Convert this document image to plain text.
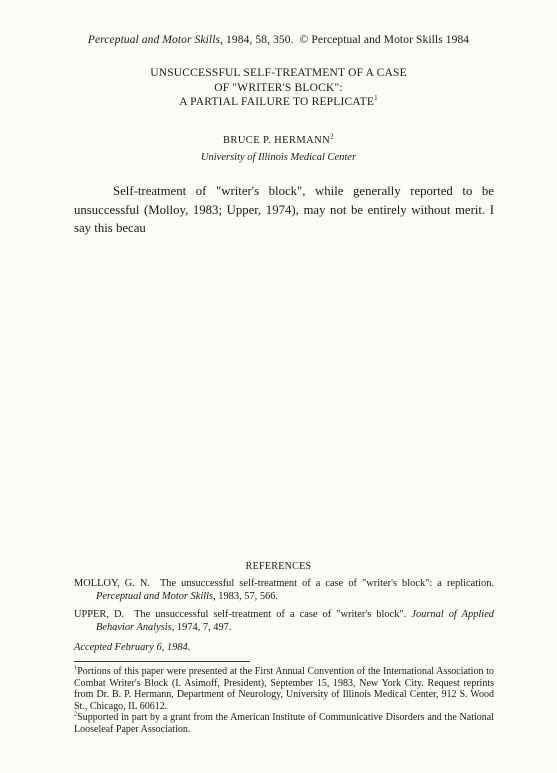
Perceptual and Motor Skills, 1984, 58, 350. © Perceptual and Motor Skills 1984
UNSUCCESSFUL SELF-TREATMENT OF A CASE
OF "WRITER'S BLOCK":
A PARTIAL FAILURE TO REPLICATE$^1$
BRUCE P. HERMANN$^2$
University of Illinois Medical Center
Self-treatment of "writer's block", while generally reported to be unsuccessful (Molloy, 1983; Upper, 1974), may not be entirely without merit. I say this becau
REFERENCES

MOLLOY, G. N. The unsuccessful self-treatment of a case of "writer's block": a replication. Perceptual and Motor Skills, 1983, 57, 566.

UPPER, D. The unsuccessful self-treatment of a case of "writer's block". Journal of Applied Behavior Analysis, 1974, 7, 497.

Accepted February 6, 1984.

$^1$Portions of this paper were presented at the First Annual Convention of the International Association to Combat Writer's Block (I. Asimoff, President), September 15, 1983, New York City. Request reprints from Dr. B. P. Hermann, Department of Neurology, University of Illinois Medical Center, 912 S. Wood St., Chicago, IL 60612.

$^2$Supported in part by a grant from the American Institute of Communicative Disorders and the National Looseleaf Paper Association.
